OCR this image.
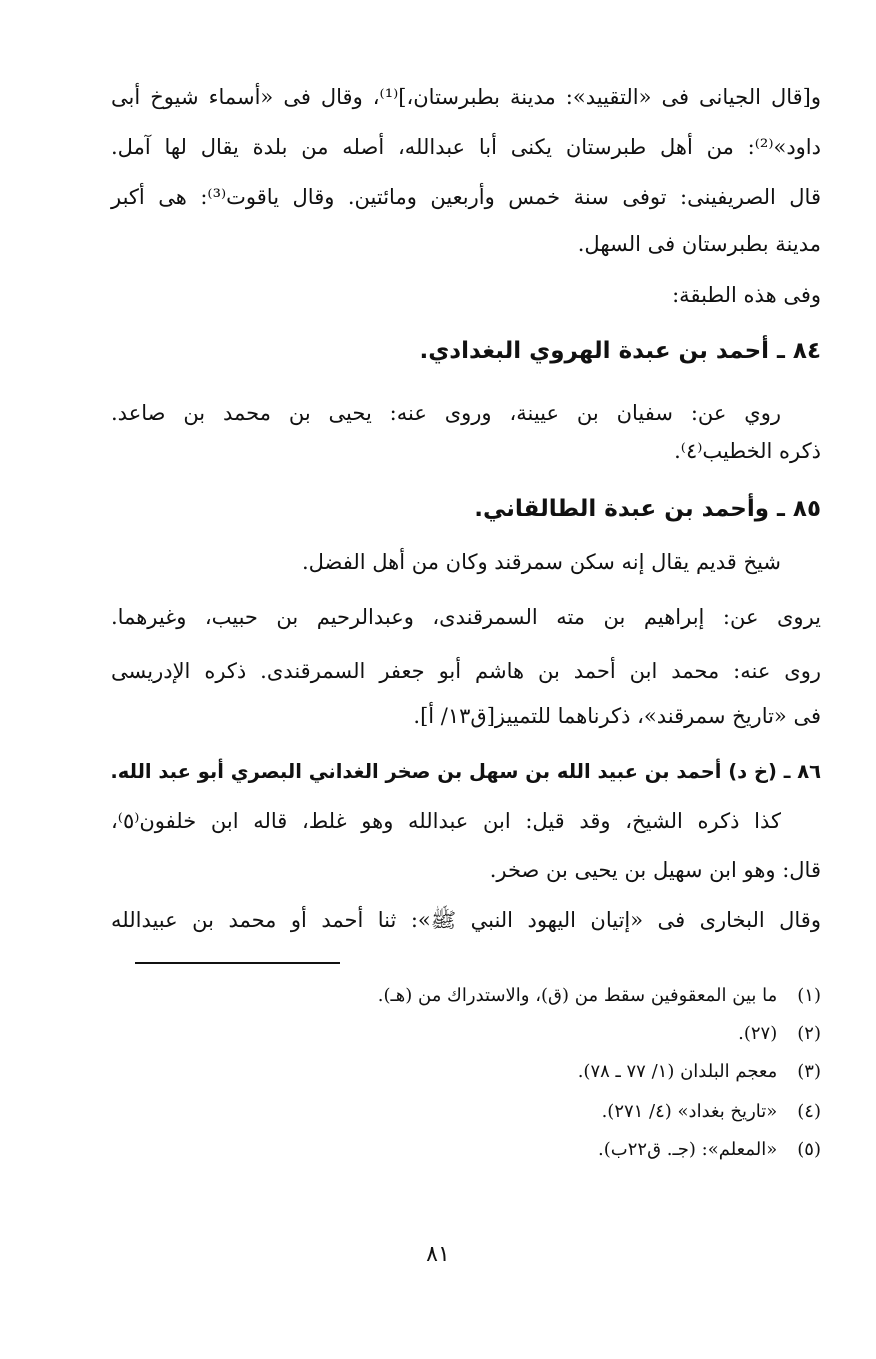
و[قال الجيانى فى «التقييد»: مدينة بطبرستان،]⁽¹⁾، وقال فى «أسماء شيوخ أبى
داود»⁽²⁾: من أهل طبرستان يكنى أبا عبدالله، أصله من بلدة يقال لها آمل.
قال الصريفينى: توفى سنة خمس وأربعين ومائتين. وقال ياقوت⁽³⁾: هى أكبر
مدينة بطبرستان فى السهل.
وفى هذه الطبقة:
٨٤ ـ أحمد بن عبدة الهروي البغدادي.
روي عن: سفيان بن عيينة، وروى عنه: يحيى بن محمد بن صاعد.
ذكره الخطيب⁽٤⁾.
٨٥ ـ وأحمد بن عبدة الطالقاني.
شيخ قديم يقال إنه سكن سمرقند وكان من أهل الفضل.
يروى عن: إبراهيم بن مته السمرقندى، وعبدالرحيم بن حبيب، وغيرهما.
روى عنه: محمد ابن أحمد بن هاشم أبو جعفر السمرقندى. ذكره الإدريسى
فى «تاريخ سمرقند»، ذكرناهما للتمييز[ق١٣/ أ].
٨٦ ـ (خ د) أحمد بن عبيد الله بن سهل بن صخر الغداني البصري أبو عبد الله.
كذا ذكره الشيخ، وقد قيل: ابن عبدالله وهو غلط، قاله ابن خلفون⁽٥⁾،
قال: وهو ابن سهيل بن يحيى بن صخر.
وقال البخارى فى «إتيان اليهود النبي ﷺ»: ثنا أحمد أو محمد بن عبيدالله
(١) ما بين المعقوفين سقط من (ق)، والاستدراك من (هـ).
(٢) (٢٧).
(٣) معجم البلدان (١/ ٧٧ ـ ٧٨).
(٤) «تاريخ بغداد» (٤/ ٢٧١).
(٥) «المعلم»: (جـ. ق٢٢ب).
٨١
